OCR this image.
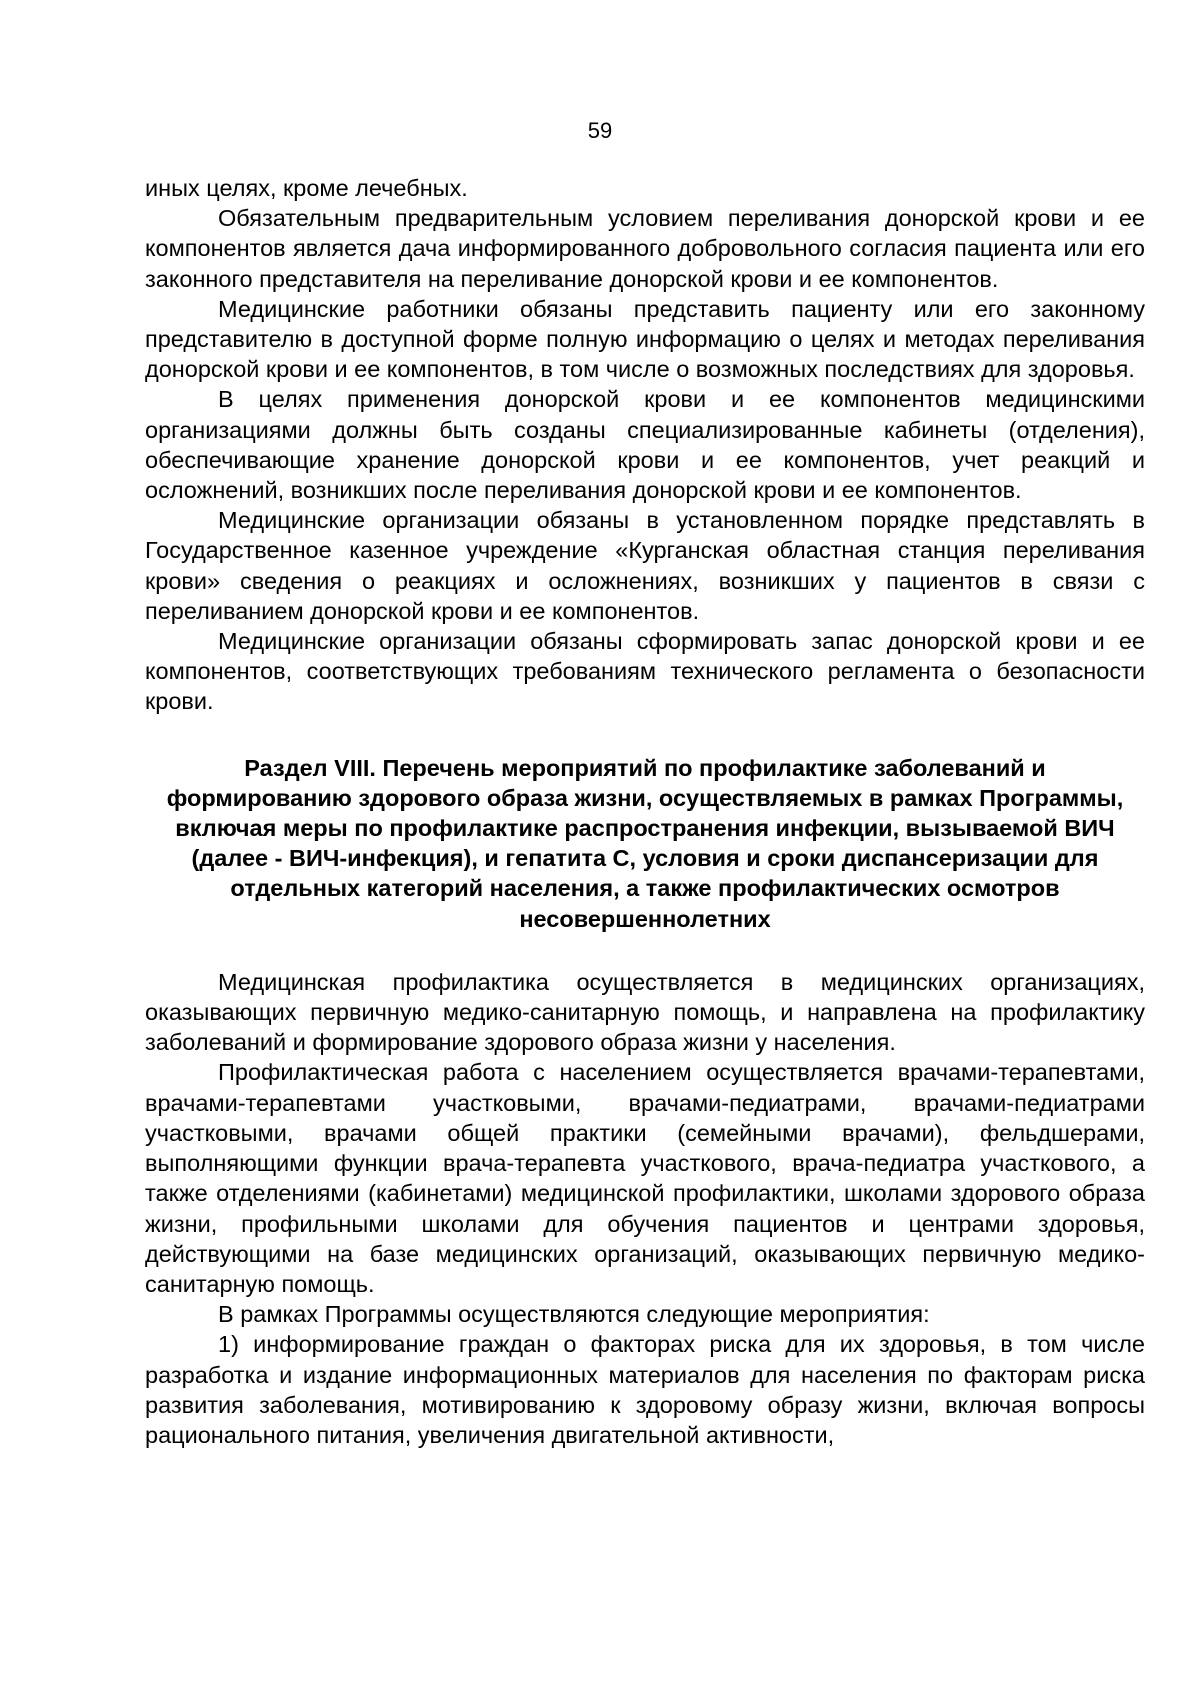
59

иных целях, кроме лечебных.

Обязательным предварительным условием переливания донорской крови и ее компонентов является дача информированного добровольного согласия пациента или его законного представителя на переливание донорской крови и ее компонентов.

Медицинские работники обязаны представить пациенту или его законному представителю в доступной форме полную информацию о целях и методах переливания донорской крови и ее компонентов, в том числе о возможных последствиях для здоровья.

В целях применения донорской крови и ее компонентов медицинскими организациями должны быть созданы специализированные кабинеты (отделения), обеспечивающие хранение донорской крови и ее компонентов, учет реакций и осложнений, возникших после переливания донорской крови и ее компонентов.

Медицинские организации обязаны в установленном порядке представлять в Государственное казенное учреждение «Курганская областная станция переливания крови» сведения о реакциях и осложнениях, возникших у пациентов в связи с переливанием донорской крови и ее компонентов.

Медицинские организации обязаны сформировать запас донорской крови и ее компонентов, соответствующих требованиям технического регламента о безопасности крови.

Раздел VIII. Перечень мероприятий по профилактике заболеваний и формированию здорового образа жизни, осуществляемых в рамках Программы, включая меры по профилактике распространения инфекции, вызываемой ВИЧ (далее - ВИЧ-инфекция), и гепатита С, условия и сроки диспансеризации для отдельных категорий населения, а также профилактических осмотров несовершеннолетних

Медицинская профилактика осуществляется в медицинских организациях, оказывающих первичную медико-санитарную помощь, и направлена на профилактику заболеваний и формирование здорового образа жизни у населения.

Профилактическая работа с населением осуществляется врачами-терапевтами, врачами-терапевтами участковыми, врачами-педиатрами, врачами-педиатрами участковыми, врачами общей практики (семейными врачами), фельдшерами, выполняющими функции врача-терапевта участкового, врача-педиатра участкового, а также отделениями (кабинетами) медицинской профилактики, школами здорового образа жизни, профильными школами для обучения пациентов и центрами здоровья, действующими на базе медицинских организаций, оказывающих первичную медико-санитарную помощь.

В рамках Программы осуществляются следующие мероприятия:

1) информирование граждан о факторах риска для их здоровья, в том числе разработка и издание информационных материалов для населения по факторам риска развития заболевания, мотивированию к здоровому образу жизни, включая вопросы рационального питания, увеличения двигательной активности,
